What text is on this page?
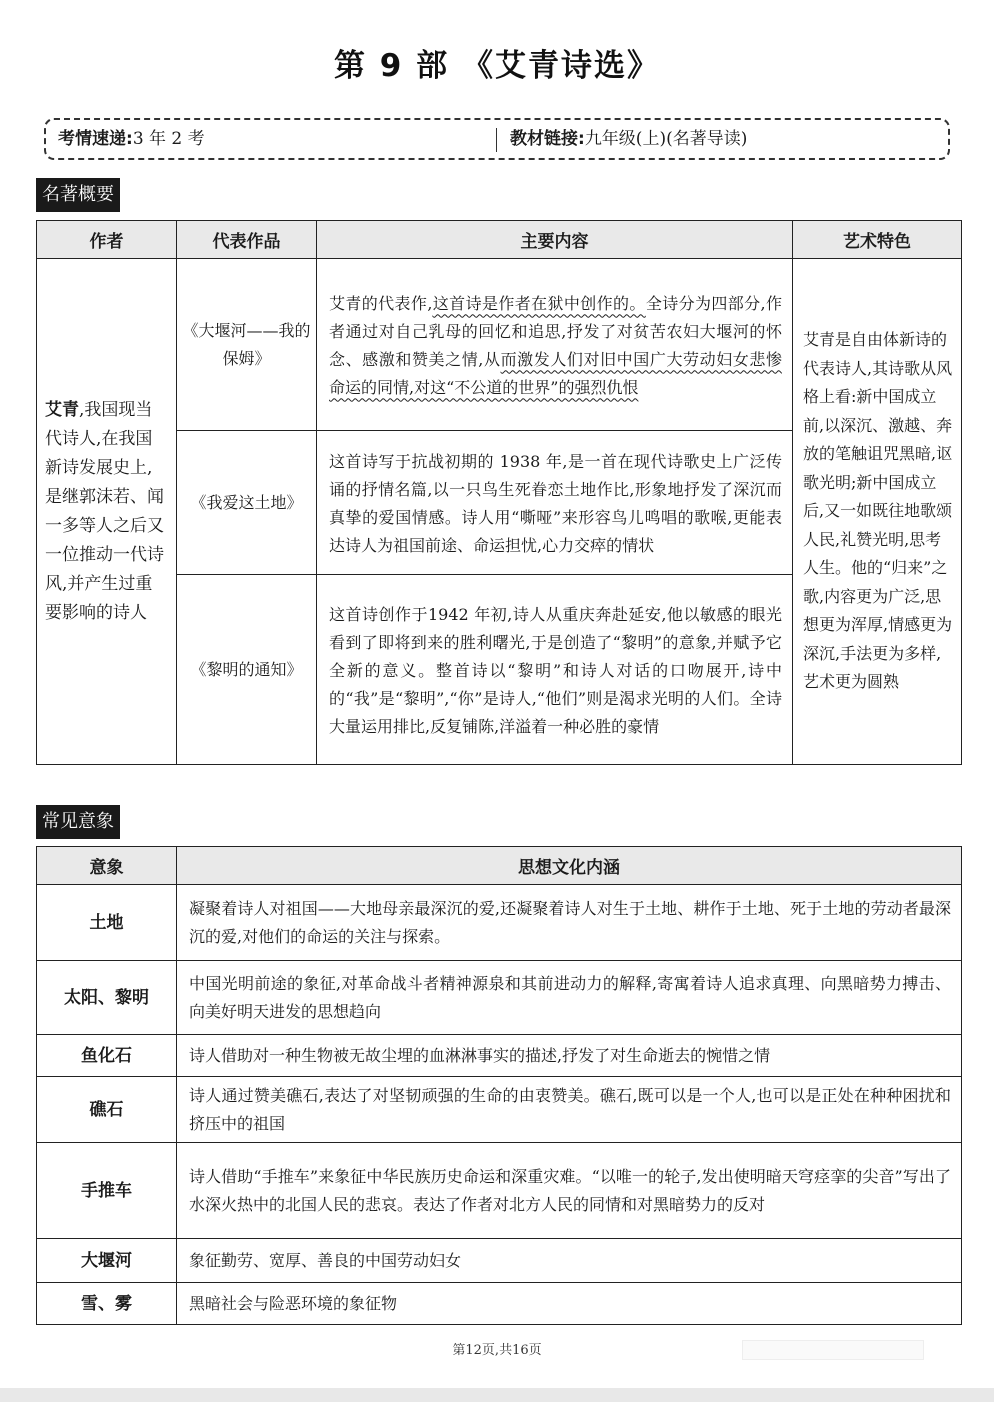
第 9 部 《艾青诗选》
考情速递:3 年 2 考	教材链接:九年级(上)(名著导读)
名著概要
作者	代表作品	主要内容	艺术特色
艾青,我国现当代诗人,在我国新诗发展史上,是继郭沫若、闻一多等人之后又一位推动一代诗风,并产生过重要影响的诗人	《大堰河——我的保姆》	艾青的代表作,这首诗是作者在狱中创作的。全诗分为四部分,作者通过对自己乳母的回忆和追思,抒发了对贫苦农妇大堰河的怀念、感激和赞美之情,从而激发人们对旧中国广大劳动妇女悲惨命运的同情,对这“不公道的世界”的强烈仇恨	艾青是自由体新诗的代表诗人,其诗歌从风格上看:新中国成立前,以深沉、激越、奔放的笔触诅咒黑暗,讴歌光明;新中国成立后,又一如既往地歌颂人民,礼赞光明,思考人生。他的“归来”之歌,内容更为广泛,思想更为浑厚,情感更为深沉,手法更为多样,艺术更为圆熟
	《我爱这土地》	这首诗写于抗战初期的 1938 年,是一首在现代诗歌史上广泛传诵的抒情名篇,以一只鸟生死眷恋土地作比,形象地抒发了深沉而真挚的爱国情感。诗人用“嘶哑”来形容鸟儿鸣唱的歌喉,更能表达诗人为祖国前途、命运担忧,心力交瘁的情状	
	《黎明的通知》	这首诗创作于1942 年初,诗人从重庆奔赴延安,他以敏感的眼光看到了即将到来的胜利曙光,于是创造了“黎明”的意象,并赋予它全新的意义。整首诗以“黎明”和诗人对话的口吻展开,诗中的“我”是“黎明”,“你”是诗人,“他们”则是渴求光明的人们。全诗大量运用排比,反复铺陈,洋溢着一种必胜的豪情	
常见意象
意象	思想文化内涵
土地	凝聚着诗人对祖国——大地母亲最深沉的爱,还凝聚着诗人对生于土地、耕作于土地、死于土地的劳动者最深沉的爱,对他们的命运的关注与探索。
太阳、黎明	中国光明前途的象征,对革命战斗者精神源泉和其前进动力的解释,寄寓着诗人追求真理、向黑暗势力搏击、向美好明天进发的思想趋向
鱼化石	诗人借助对一种生物被无故尘埋的血淋淋事实的描述,抒发了对生命逝去的惋惜之情
礁石	诗人通过赞美礁石,表达了对坚韧顽强的生命的由衷赞美。礁石,既可以是一个人,也可以是正处在种种困扰和挤压中的祖国
手推车	诗人借助“手推车”来象征中华民族历史命运和深重灾难。“以唯一的轮子,发出使明暗天穹痉挛的尖音”写出了水深火热中的北国人民的悲哀。表达了作者对北方人民的同情和对黑暗势力的反对
大堰河	象征勤劳、宽厚、善良的中国劳动妇女
雪、雾	黑暗社会与险恶环境的象征物
第12页,共16页
